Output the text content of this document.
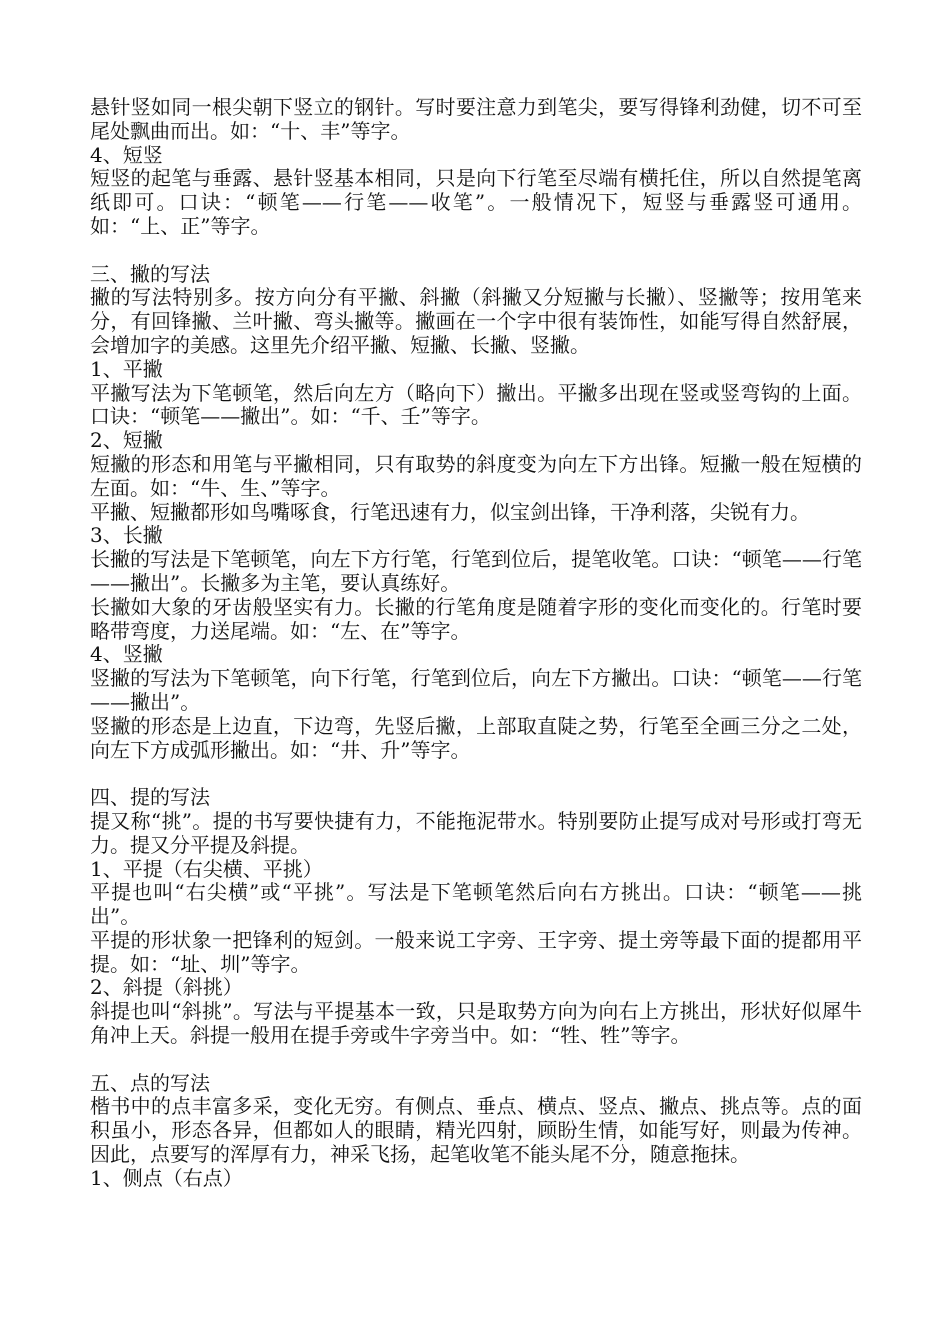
悬针竖如同一根尖朝下竖立的钢针。写时要注意力到笔尖，要写得锋利劲健，切不可至尾处飘曲而出。如：“十、丰”等字。

4、短竖

短竖的起笔与垂露、悬针竖基本相同，只是向下行笔至尽端有横托住，所以自然提笔离纸即可。口诀：“顿笔——行笔——收笔”。一般情况下，短竖与垂露竖可通用。如：“上、正”等字。

三、撇的写法

撇的写法特别多。按方向分有平撇、斜撇（斜撇又分短撇与长撇）、竖撇等；按用笔来分，有回锋撇、兰叶撇、弯头撇等。撇画在一个字中很有装饰性，如能写得自然舒展，会增加字的美感。这里先介绍平撇、短撇、长撇、竖撇。

1、平撇

平撇写法为下笔顿笔，然后向左方（略向下）撇出。平撇多出现在竖或竖弯钩的上面。口诀：“顿笔——撇出”。如：“千、壬”等字。

2、短撇

短撇的形态和用笔与平撇相同，只有取势的斜度变为向左下方出锋。短撇一般在短横的左面。如：“牛、生、”等字。

平撇、短撇都形如鸟嘴啄食，行笔迅速有力，似宝剑出锋，干净利落，尖锐有力。

3、长撇

长撇的写法是下笔顿笔，向左下方行笔，行笔到位后，提笔收笔。口诀：“顿笔——行笔——撇出”。长撇多为主笔，要认真练好。

长撇如大象的牙齿般坚实有力。长撇的行笔角度是随着字形的变化而变化的。行笔时要略带弯度，力送尾端。如：“左、在”等字。

4、竖撇

竖撇的写法为下笔顿笔，向下行笔，行笔到位后，向左下方撇出。口诀：“顿笔——行笔——撇出”。

竖撇的形态是上边直，下边弯，先竖后撇，上部取直陡之势，行笔至全画三分之二处，向左下方成弧形撇出。如：“井、升”等字。

四、提的写法

提又称“挑”。提的书写要快捷有力，不能拖泥带水。特别要防止提写成对号形或打弯无力。提又分平提及斜提。

1、平提（右尖横、平挑）

平提也叫“右尖横”或“平挑”。写法是下笔顿笔然后向右方挑出。口诀：“顿笔——挑出”。

平提的形状象一把锋利的短剑。一般来说工字旁、王字旁、提土旁等最下面的提都用平提。如：“址、圳”等字。

2、斜提（斜挑）

斜提也叫“斜挑”。写法与平提基本一致，只是取势方向为向右上方挑出，形状好似犀牛角冲上天。斜提一般用在提手旁或牛字旁当中。如：“牲、牲”等字。

五、点的写法

楷书中的点丰富多采，变化无穷。有侧点、垂点、横点、竖点、撇点、挑点等。点的面积虽小，形态各异，但都如人的眼睛，精光四射，顾盼生情，如能写好，则最为传神。因此，点要写的浑厚有力，神采飞扬，起笔收笔不能头尾不分，随意拖抹。

1、侧点（右点）
